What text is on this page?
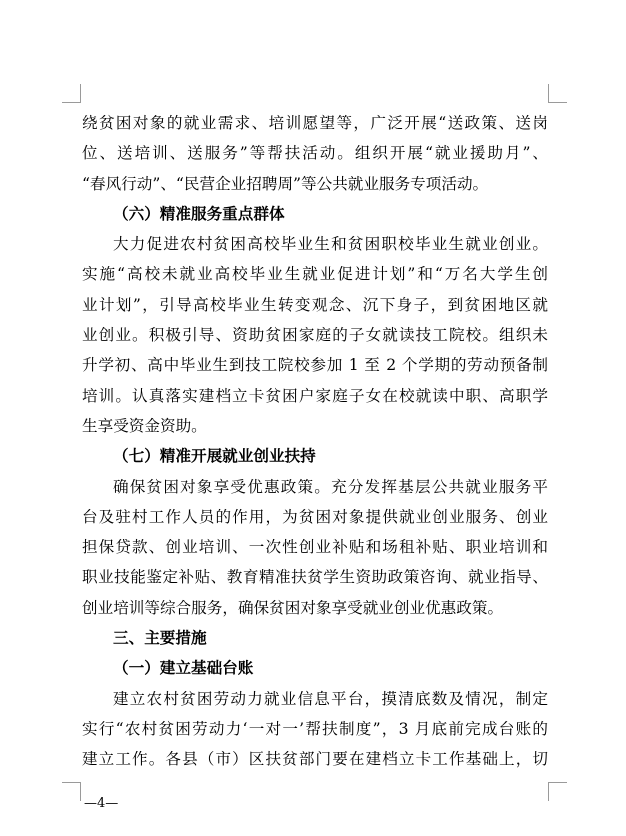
绕贫困对象的就业需求、培训愿望等，广泛开展“送政策、送岗
位、送培训、送服务”等帮扶活动。组织开展“就业援助月”、
“春风行动”、“民营企业招聘周”等公共就业服务专项活动。
（六）精准服务重点群体
大力促进农村贫困高校毕业生和贫困职校毕业生就业创业。
实施“高校未就业高校毕业生就业促进计划”和“万名大学生创
业计划”，引导高校毕业生转变观念、沉下身子，到贫困地区就
业创业。积极引导、资助贫困家庭的子女就读技工院校。组织未
升学初、高中毕业生到技工院校参加 1 至 2 个学期的劳动预备制
培训。认真落实建档立卡贫困户家庭子女在校就读中职、高职学
生享受资金资助。
（七）精准开展就业创业扶持
确保贫困对象享受优惠政策。充分发挥基层公共就业服务平
台及驻村工作人员的作用，为贫困对象提供就业创业服务、创业
担保贷款、创业培训、一次性创业补贴和场租补贴、职业培训和
职业技能鉴定补贴、教育精准扶贫学生资助政策咨询、就业指导、
创业培训等综合服务，确保贫困对象享受就业创业优惠政策。
三、主要措施
（一）建立基础台账
建立农村贫困劳动力就业信息平台，摸清底数及情况，制定
实行“农村贫困劳动力‘一对一’帮扶制度”，3 月底前完成台账的
建立工作。各县（市）区扶贫部门要在建档立卡工作基础上，切
—4—
